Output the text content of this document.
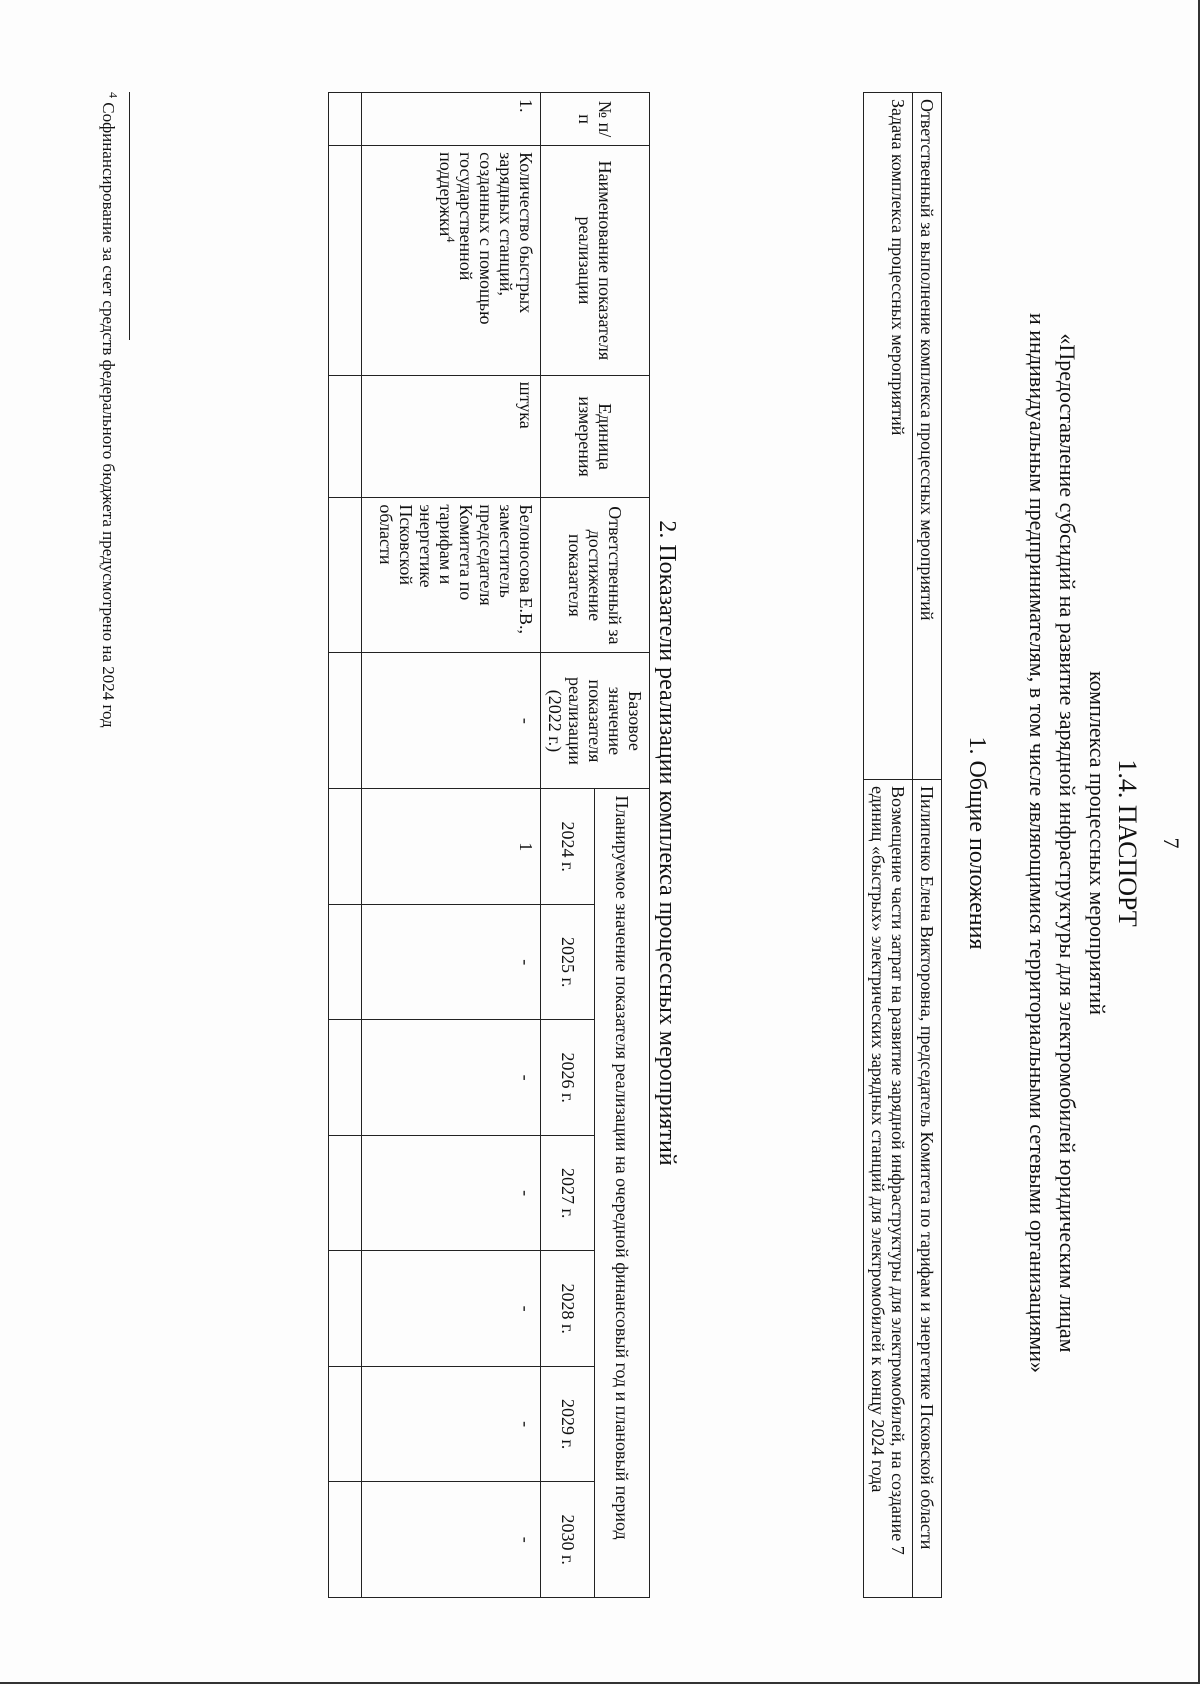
7
1.4. ПАСПОРТ
комплекса процессных мероприятий
«Предоставление субсидий на развитие зарядной инфраструктуры для электромобилей юридическим лицам
и индивидуальным предпринимателям, в том числе являющимися территориальными сетевыми организациями»
1. Общие положения
Ответственный за выполнение комплекса процессных мероприятий	Пилипенко Елена Викторовна, председатель Комитета по тарифам и энергетике Псковской области
Задача комплекса процессных мероприятий	Возмещение части затрат на развитие зарядной инфраструктуры для электромобилей, на создание 7 единиц «быстрых» электрических зарядных станций для электромобилей к концу 2024 года
2. Показатели реализации комплекса процессных мероприятий
№ п/п	Наименование показателя реализации	Единица измерения	Ответственный за достижение показателя	Базовое значение показателя реализации (2022 г.)	Планируемое значение показателя реализации на очередной финансовый год и плановый период						
					2024 г.	2025 г.	2026 г.	2027 г.	2028 г.	2029 г.	2030 г.
1.	Количество быстрых зарядных станций, созданных с помощью государственной поддержки$^4$	штука	Белоносова Е.В., заместитель председателя Комитета по тарифам и энергетике Псковской области	-	1	-	-	-	-	-	-

$^4$ Софинансирование за счет средств федерального бюджета предусмотрено на 2024 год
